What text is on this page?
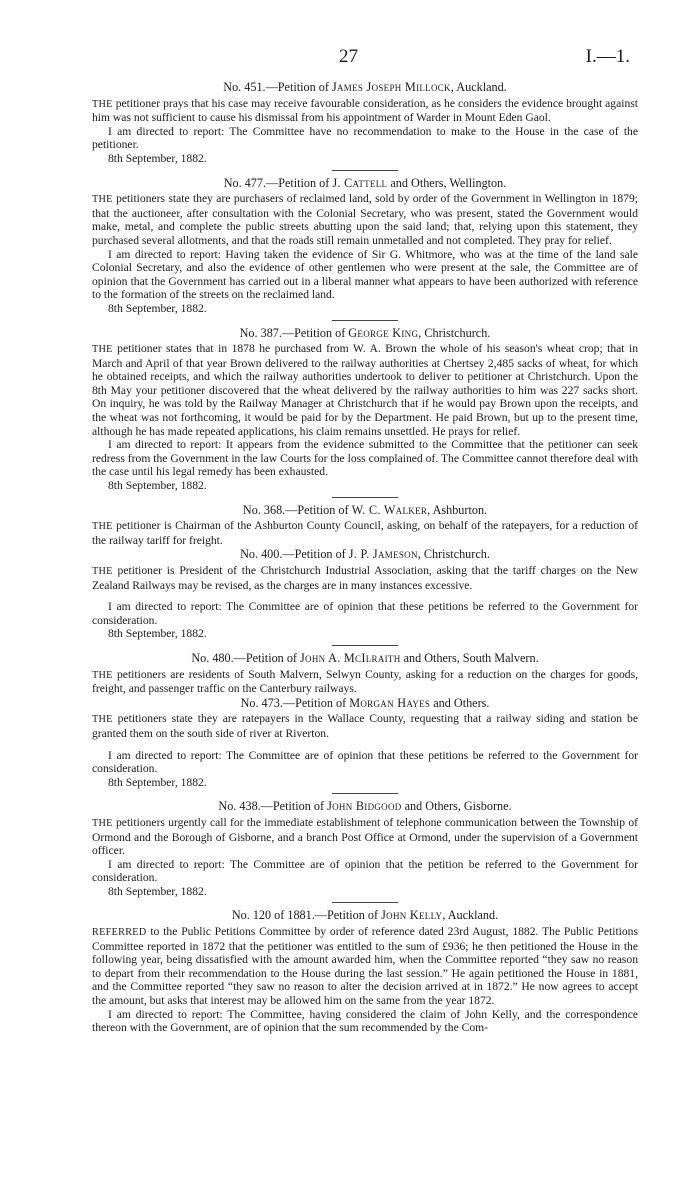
27	I.—1.
No. 451.—Petition of James Joseph Millock, Auckland.

THE petitioner prays that his case may receive favourable consideration, as he considers the evidence brought against him was not sufficient to cause his dismissal from his appointment of Warder in Mount Eden Gaol.

I am directed to report: The Committee have no recommendation to make to the House in the case of the petitioner.

8th September, 1882.

No. 477.—Petition of J. Cattell and Others, Wellington.

THE petitioners state they are purchasers of reclaimed land, sold by order of the Government in Wellington in 1879; that the auctioneer, after consultation with the Colonial Secretary, who was present, stated the Government would make, metal, and complete the public streets abutting upon the said land; that, relying upon this statement, they purchased several allotments, and that the roads still remain unmetalled and not completed. They pray for relief.

I am directed to report: Having taken the evidence of Sir G. Whitmore, who was at the time of the land sale Colonial Secretary, and also the evidence of other gentlemen who were present at the sale, the Committee are of opinion that the Government has carried out in a liberal manner what appears to have been authorized with reference to the formation of the streets on the reclaimed land.

8th September, 1882.

No. 387.—Petition of George King, Christchurch.

THE petitioner states that in 1878 he purchased from W. A. Brown the whole of his season's wheat crop; that in March and April of that year Brown delivered to the railway authorities at Chertsey 2,485 sacks of wheat, for which he obtained receipts, and which the railway authorities undertook to deliver to petitioner at Christchurch. Upon the 8th May your petitioner discovered that the wheat delivered by the railway authorities to him was 227 sacks short. On inquiry, he was told by the Railway Manager at Christchurch that if he would pay Brown upon the receipts, and the wheat was not forthcoming, it would be paid for by the Department. He paid Brown, but up to the present time, although he has made repeated applications, his claim remains unsettled. He prays for relief.

I am directed to report: It appears from the evidence submitted to the Committee that the petitioner can seek redress from the Government in the law Courts for the loss complained of. The Committee cannot therefore deal with the case until his legal remedy has been exhausted.

8th September, 1882.

No. 368.—Petition of W. C. Walker, Ashburton.

THE petitioner is Chairman of the Ashburton County Council, asking, on behalf of the ratepayers, for a reduction of the railway tariff for freight.

No. 400.—Petition of J. P. Jameson, Christchurch.

THE petitioner is President of the Christchurch Industrial Association, asking that the tariff charges on the New Zealand Railways may be revised, as the charges are in many instances excessive.

I am directed to report: The Committee are of opinion that these petitions be referred to the Government for consideration.

8th September, 1882.

No. 480.—Petition of John A. McIlraith and Others, South Malvern.

THE petitioners are residents of South Malvern, Selwyn County, asking for a reduction on the charges for goods, freight, and passenger traffic on the Canterbury railways.

No. 473.—Petition of Morgan Hayes and Others.

THE petitioners state they are ratepayers in the Wallace County, requesting that a railway siding and station be granted them on the south side of river at Riverton.

I am directed to report: The Committee are of opinion that these petitions be referred to the Government for consideration.

8th September, 1882.

No. 438.—Petition of John Bidgood and Others, Gisborne.

THE petitioners urgently call for the immediate establishment of telephone communication between the Township of Ormond and the Borough of Gisborne, and a branch Post Office at Ormond, under the supervision of a Government officer.

I am directed to report: The Committee are of opinion that the petition be referred to the Government for consideration.

8th September, 1882.

No. 120 of 1881.—Petition of John Kelly, Auckland.

REFERRED to the Public Petitions Committee by order of reference dated 23rd August, 1882. The Public Petitions Committee reported in 1872 that the petitioner was entitled to the sum of £936; he then petitioned the House in the following year, being dissatisfied with the amount awarded him, when the Committee reported “they saw no reason to depart from their recommendation to the House during the last session.” He again petitioned the House in 1881, and the Committee reported “they saw no reason to alter the decision arrived at in 1872.” He now agrees to accept the amount, but asks that interest may be allowed him on the same from the year 1872.

I am directed to report: The Committee, having considered the claim of John Kelly, and the correspondence thereon with the Government, are of opinion that the sum recommended by the Com-
